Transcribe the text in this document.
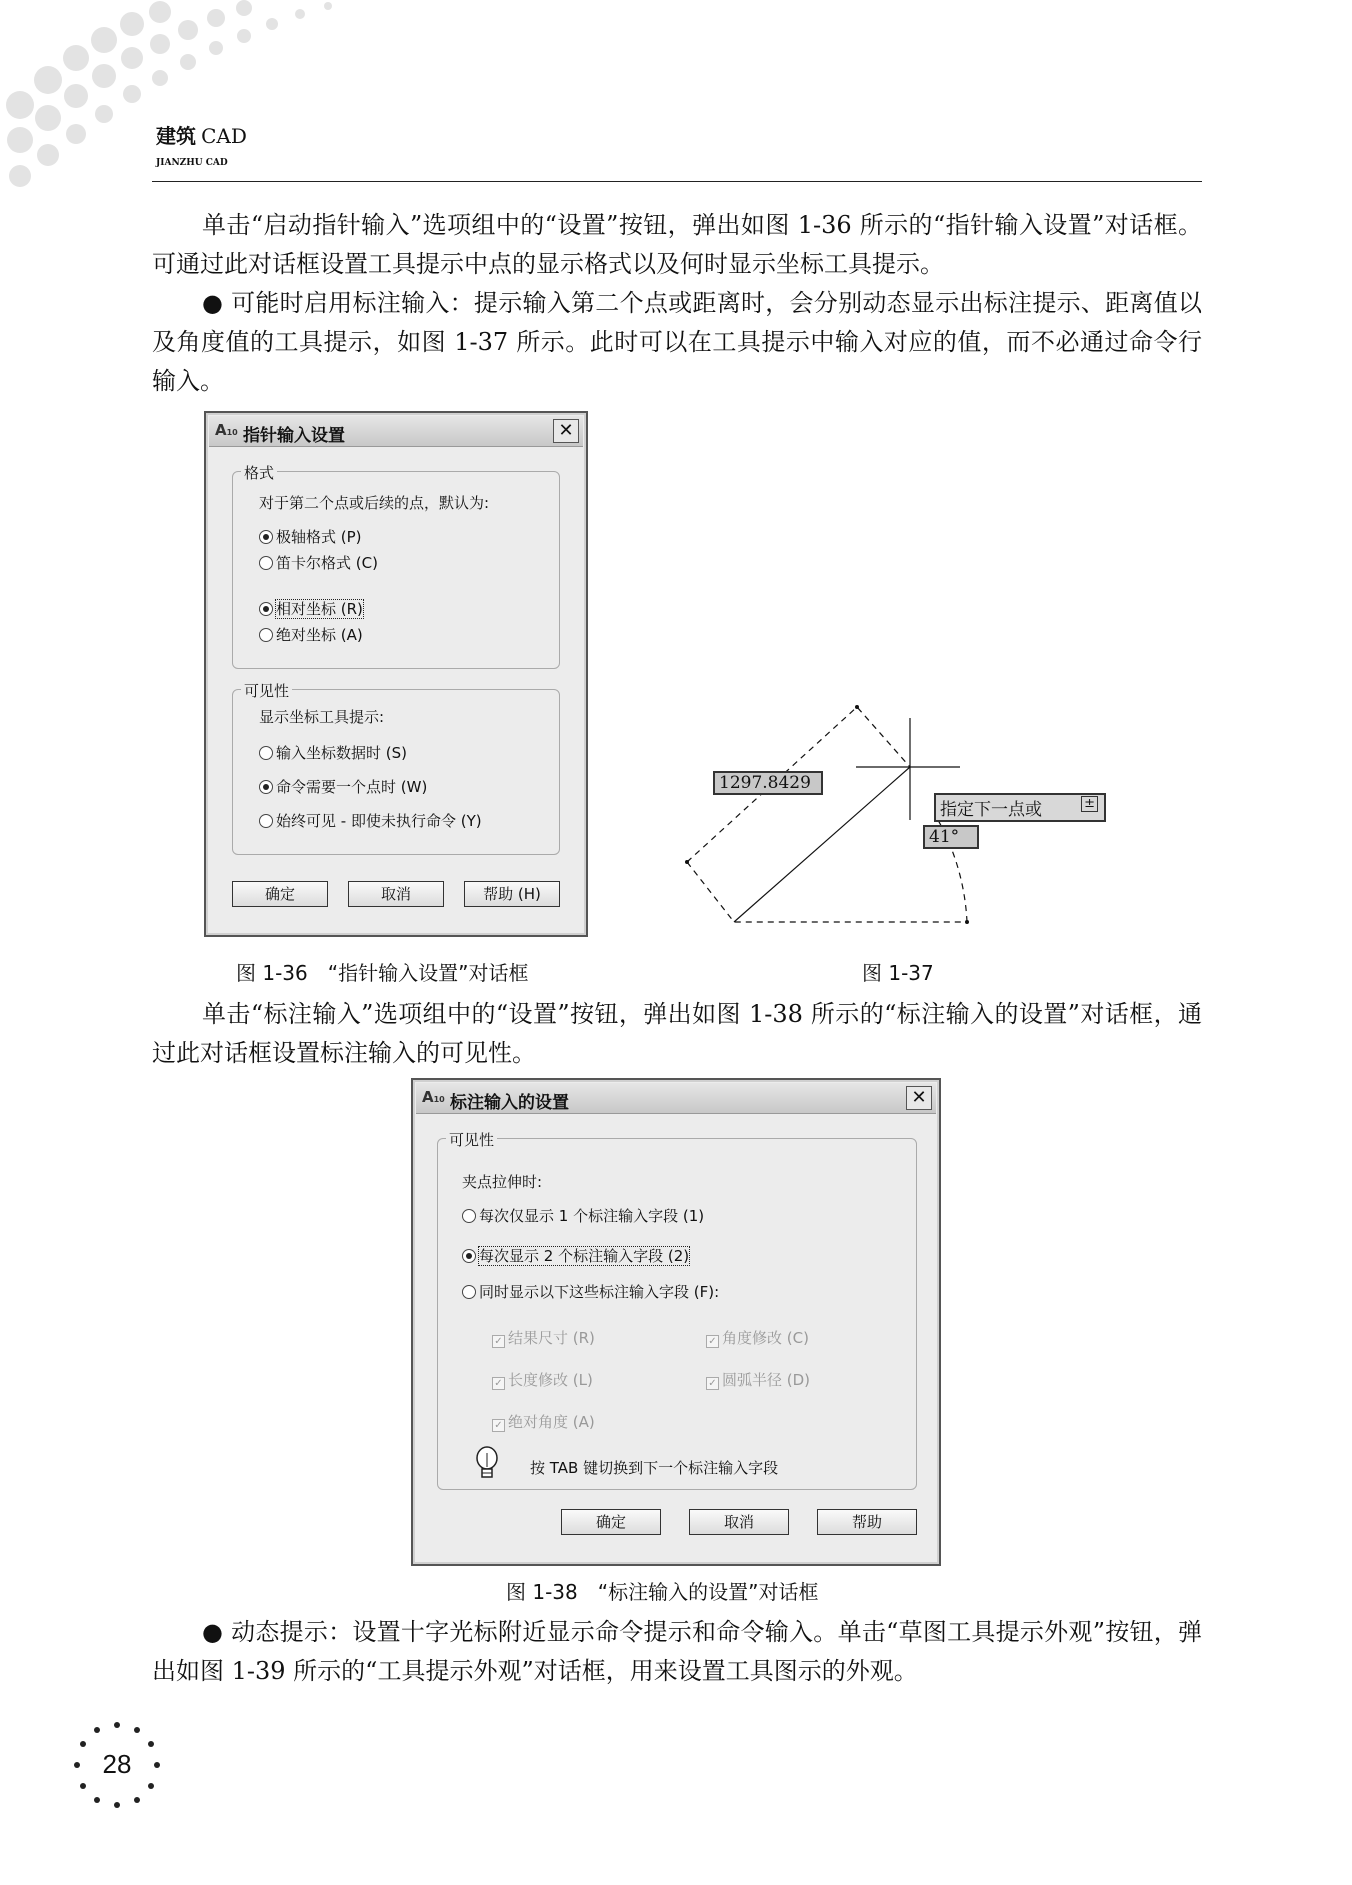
建筑 CAD
JIANZHU CAD
单击“启动指针输入”选项组中的“设置”按钮，弹出如图 1-36 所示的“指针输入设置”对话框。可通过此对话框设置工具提示中点的显示格式以及何时显示坐标工具提示。
● 可能时启用标注输入：提示输入第二个点或距离时，会分别动态显示出标注提示、距离值以及角度值的工具提示，如图 1-37 所示。此时可以在工具提示中输入对应的值，而不必通过命令行输入。
A10 指针输入设置	✕
格式
对于第二个点或后续的点，默认为:
极轴格式 (P)
笛卡尔格式 (C)
相对坐标 (R)
绝对坐标 (A)
可见性
显示坐标工具提示:
输入坐标数据时 (S)
命令需要一个点时 (W)
始终可见 - 即使未执行命令 (Y)
确定	取消	帮助 (H)
1297.8429
指定下一点或	±
41°
图 1-36　“指针输入设置”对话框	图 1-37
单击“标注输入”选项组中的“设置”按钮，弹出如图 1-38 所示的“标注输入的设置”对话框，通过此对话框设置标注输入的可见性。
A10 标注输入的设置	✕
可见性
夹点拉伸时:
每次仅显示 1 个标注输入字段 (1)
每次显示 2 个标注输入字段 (2)
同时显示以下这些标注输入字段 (F):
✓ 结果尺寸 (R)	✓ 角度修改 (C)
✓ 长度修改 (L)	✓ 圆弧半径 (D)
✓ 绝对角度 (A)
按 TAB 键切换到下一个标注输入字段
确定	取消	帮助
图 1-38　“标注输入的设置”对话框
● 动态提示：设置十字光标附近显示命令提示和命令输入。单击“草图工具提示外观”按钮，弹出如图 1-39 所示的“工具提示外观”对话框，用来设置工具图示的外观。
28
